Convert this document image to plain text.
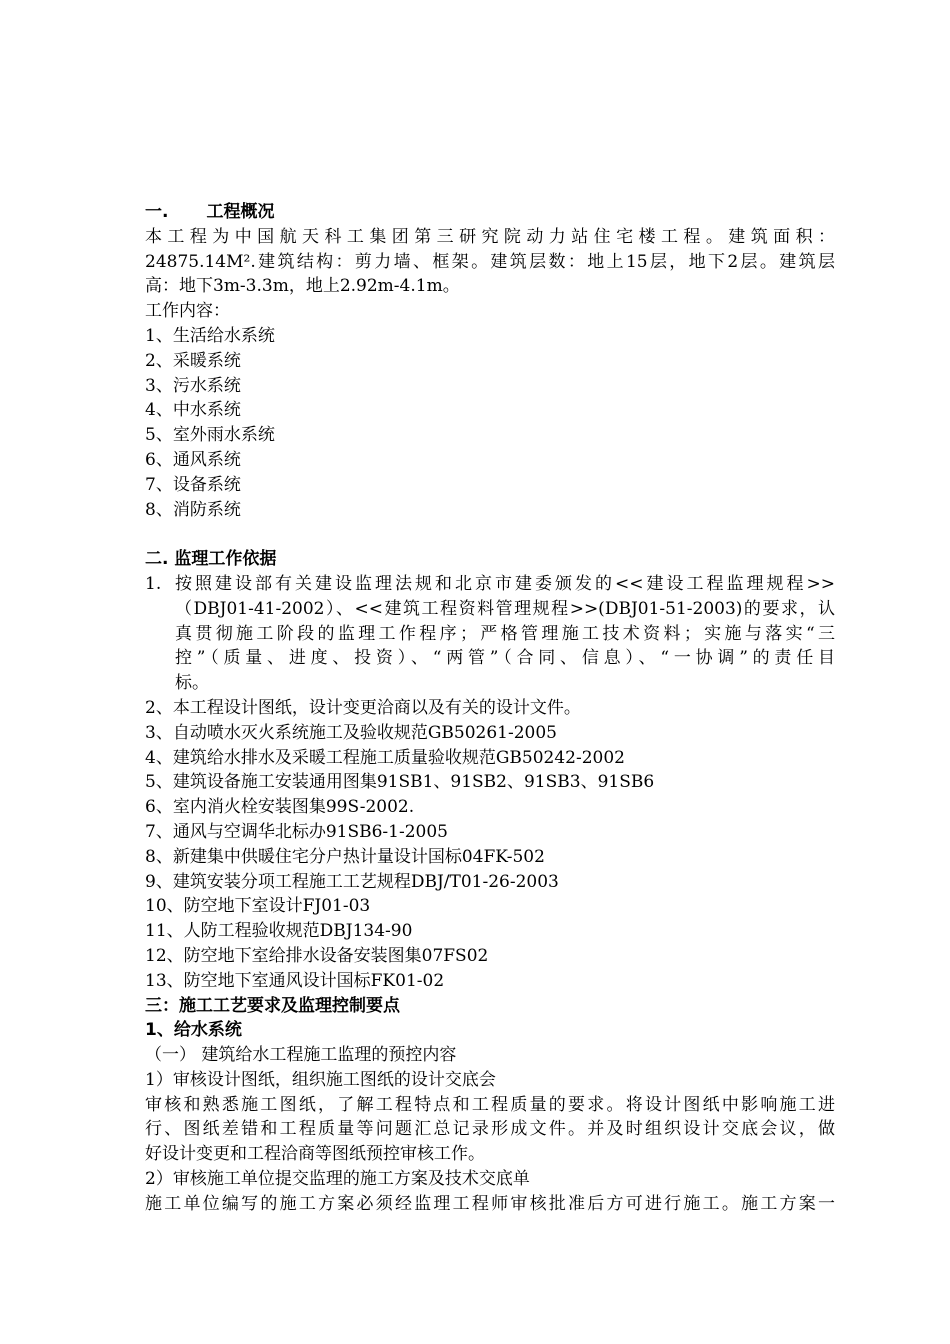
一. 工程概况
本工程为中国航天科工集团第三研究院动力站住宅楼工程。建筑面积：
24875.14M².建筑结构：剪力墙、框架。建筑层数：地上15层，地下2层。建筑层
高：地下3m-3.3m，地上2.92m-4.1m。
工作内容：
1、生活给水系统
2、采暖系统
3、污水系统
4、中水系统
5、室外雨水系统
6、通风系统
7、设备系统
8、消防系统
二. 监理工作依据
1. 按照建设部有关建设监理法规和北京市建委颁发的<<建设工程监理规程>>
（DBJ01-41-2002）、<<建筑工程资料管理规程>>(DBJ01-51-2003)的要求，认
真贯彻施工阶段的监理工作程序；严格管理施工技术资料；实施与落实“三
控”（质量、进度、投资）、“两管”（合同、信息）、“一协调”的责任目
标。
2、本工程设计图纸，设计变更洽商以及有关的设计文件。
3、自动喷水灭火系统施工及验收规范GB50261-2005
4、建筑给水排水及采暖工程施工质量验收规范GB50242-2002
5、建筑设备施工安装通用图集91SB1、91SB2、91SB3、91SB6
6、室内消火栓安装图集99S-2002.
7、通风与空调华北标办91SB6-1-2005
8、新建集中供暖住宅分户热计量设计国标04FK-502
9、建筑安装分项工程施工工艺规程DBJ/T01-26-2003
10、防空地下室设计FJ01-03
11、人防工程验收规范DBJ134-90
12、防空地下室给排水设备安装图集07FS02
13、防空地下室通风设计国标FK01-02
三：施工工艺要求及监理控制要点
1、给水系统
（一） 建筑给水工程施工监理的预控内容
1）审核设计图纸，组织施工图纸的设计交底会
审核和熟悉施工图纸，了解工程特点和工程质量的要求。将设计图纸中影响施工进
行、图纸差错和工程质量等问题汇总记录形成文件。并及时组织设计交底会议，做
好设计变更和工程洽商等图纸预控审核工作。
2）审核施工单位提交监理的施工方案及技术交底单
施工单位编写的施工方案必须经监理工程师审核批准后方可进行施工。施工方案一
